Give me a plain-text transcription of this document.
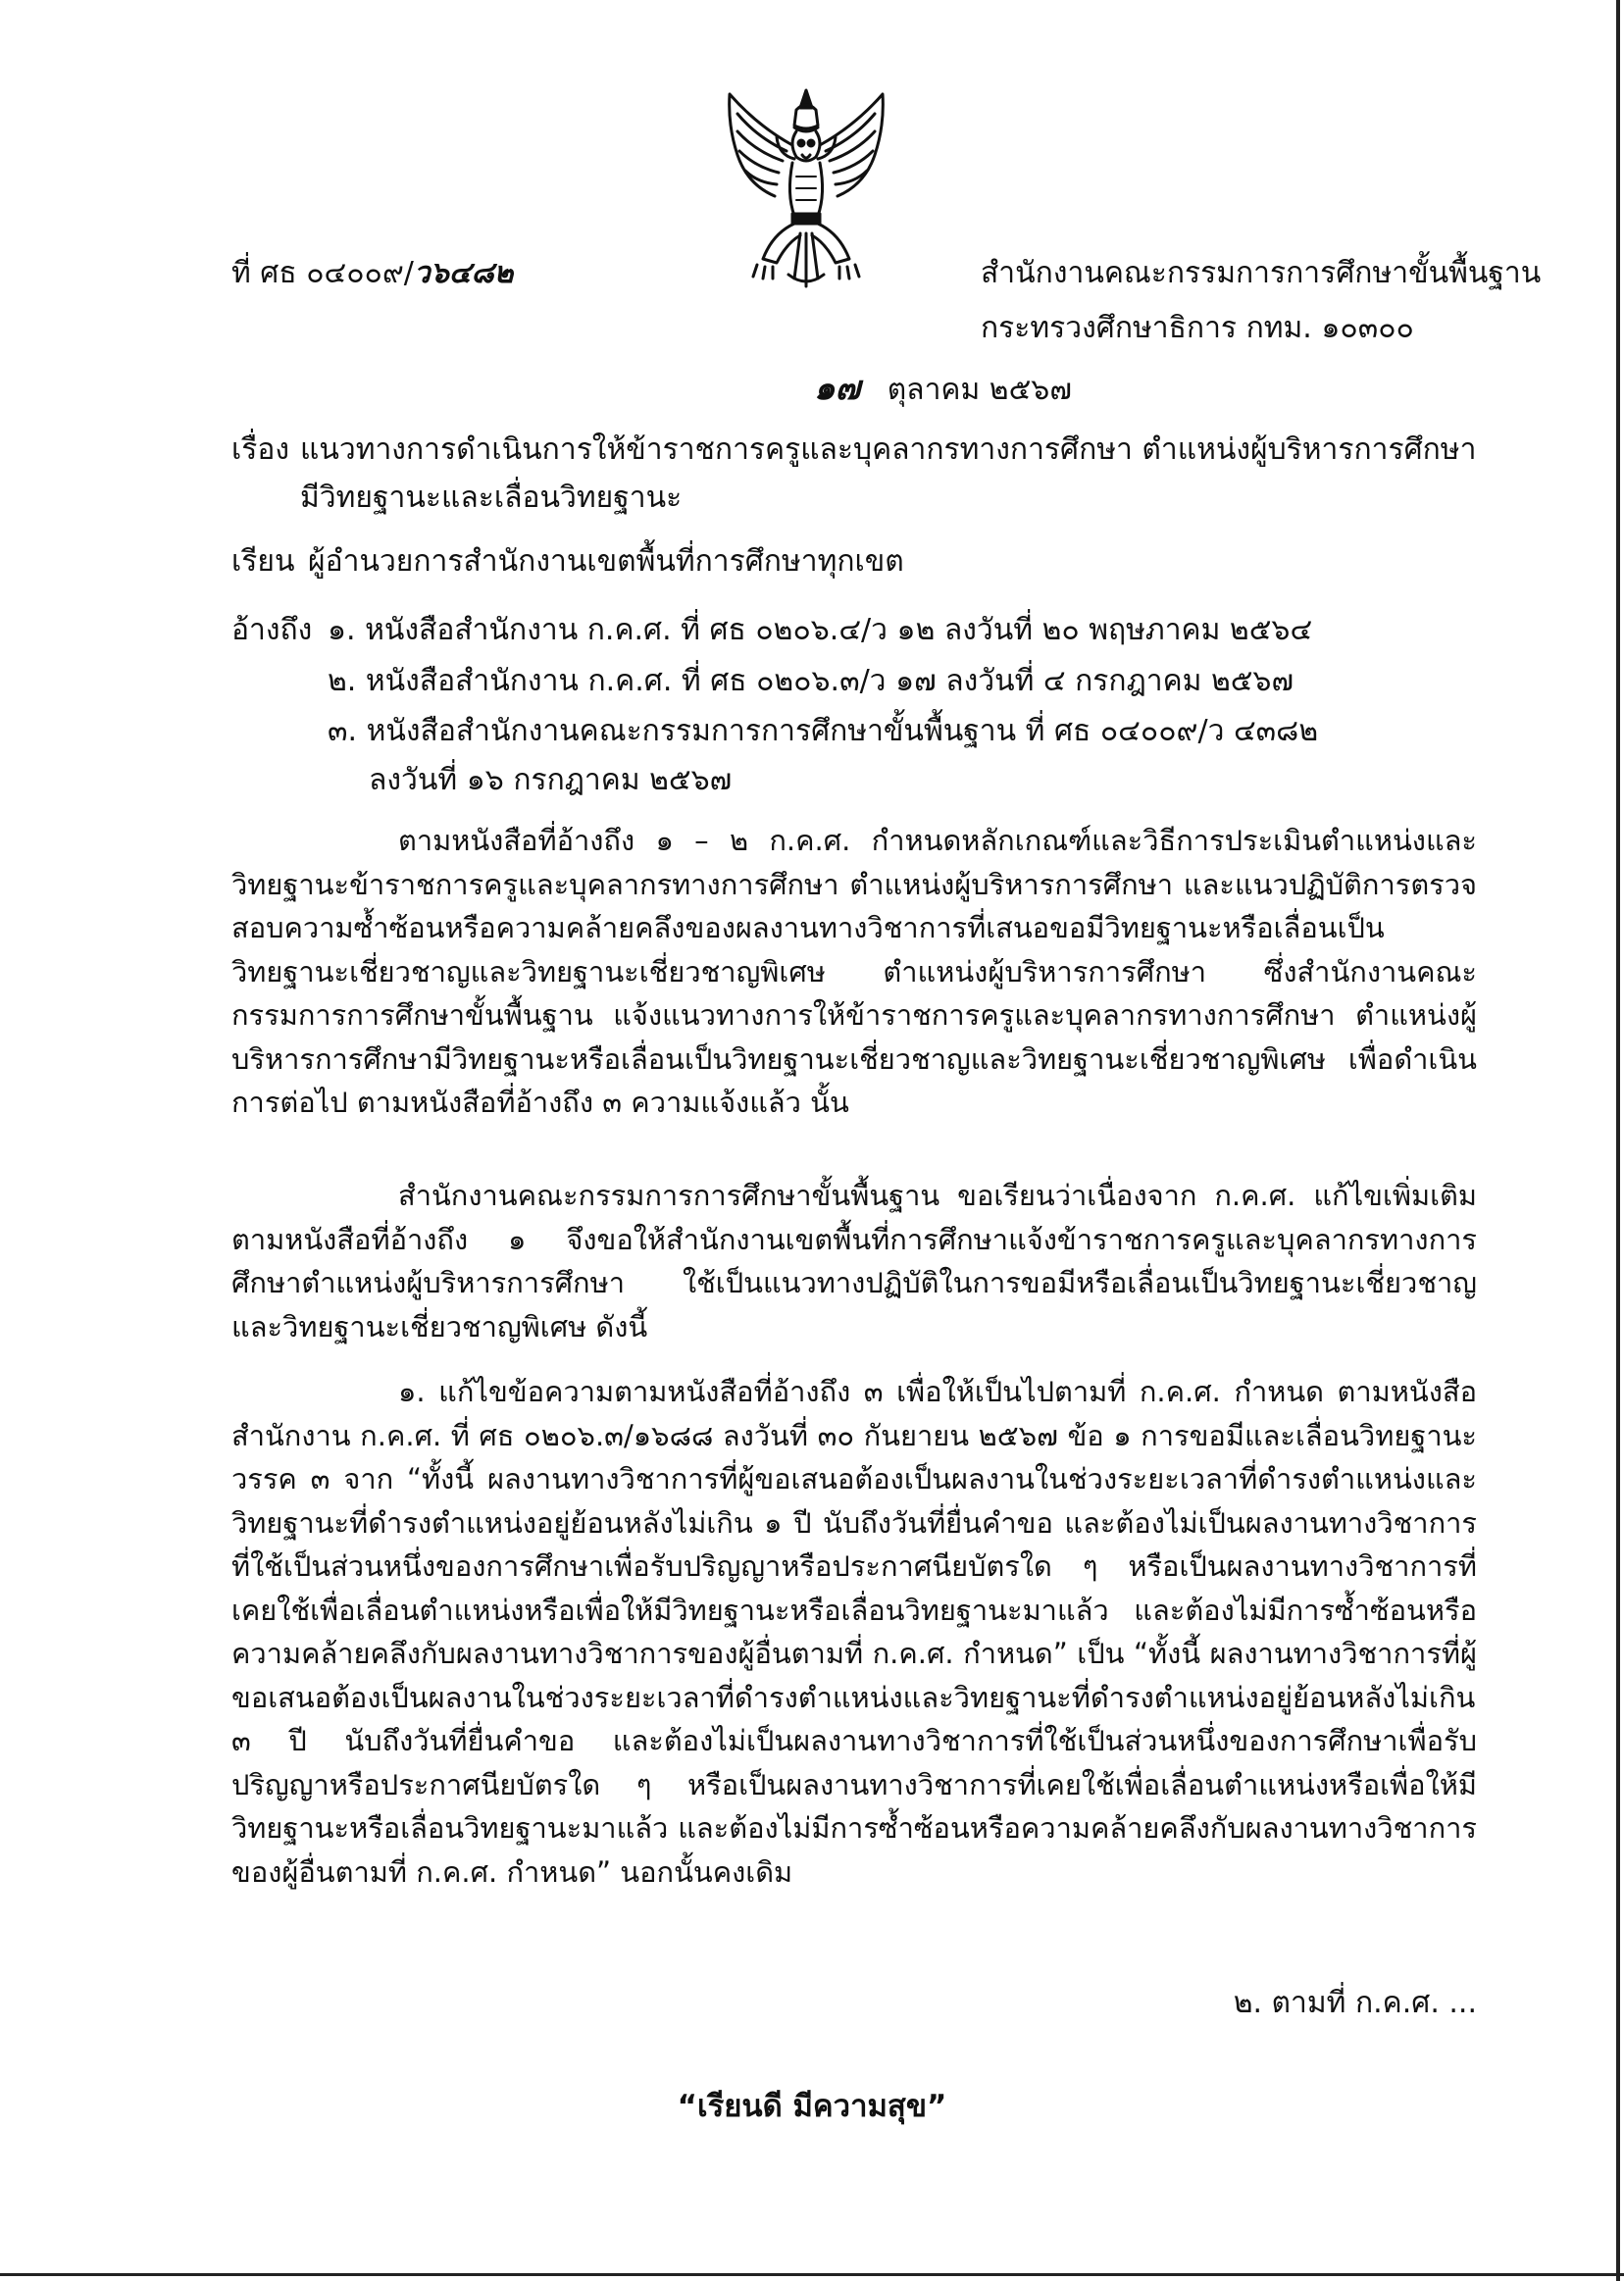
ที่ ศธ ๐๔๐๐๙/ว๖๔๘๒	สำนักงานคณะกรรมการการศึกษาขั้นพื้นฐาน
กระทรวงศึกษาธิการ กทม. ๑๐๓๐๐
๑๗ ตุลาคม ๒๕๖๗
เรื่อง แนวทางการดำเนินการให้ข้าราชการครูและบุคลากรทางการศึกษา ตำแหน่งผู้บริหารการศึกษา
มีวิทยฐานะและเลื่อนวิทยฐานะ
เรียน ผู้อำนวยการสำนักงานเขตพื้นที่การศึกษาทุกเขต
อ้างถึง ๑. หนังสือสำนักงาน ก.ค.ศ. ที่ ศธ ๐๒๐๖.๔/ว ๑๒ ลงวันที่ ๒๐ พฤษภาคม ๒๕๖๔
๒. หนังสือสำนักงาน ก.ค.ศ. ที่ ศธ ๐๒๐๖.๓/ว ๑๗ ลงวันที่ ๔ กรกฎาคม ๒๕๖๗
๓. หนังสือสำนักงานคณะกรรมการการศึกษาขั้นพื้นฐาน ที่ ศธ ๐๔๐๐๙/ว ๔๓๘๒
ลงวันที่ ๑๖ กรกฎาคม ๒๕๖๗

ตามหนังสือที่อ้างถึง ๑ – ๒ ก.ค.ศ. กำหนดหลักเกณฑ์และวิธีการประเมินตำแหน่งและวิทยฐานะข้าราชการครูและบุคลากรทางการศึกษา ตำแหน่งผู้บริหารการศึกษา และแนวปฏิบัติการตรวจสอบความซ้ำซ้อนหรือความคล้ายคลึงของผลงานทางวิชาการที่เสนอขอมีวิทยฐานะหรือเลื่อนเป็นวิทยฐานะเชี่ยวชาญและวิทยฐานะเชี่ยวชาญพิเศษ ตำแหน่งผู้บริหารการศึกษา ซึ่งสำนักงานคณะกรรมการการศึกษาขั้นพื้นฐาน แจ้งแนวทางการให้ข้าราชการครูและบุคลากรทางการศึกษา ตำแหน่งผู้บริหารการศึกษามีวิทยฐานะหรือเลื่อนเป็นวิทยฐานะเชี่ยวชาญและวิทยฐานะเชี่ยวชาญพิเศษ เพื่อดำเนินการต่อไป ตามหนังสือที่อ้างถึง ๓ ความแจ้งแล้ว นั้น

สำนักงานคณะกรรมการการศึกษาขั้นพื้นฐาน ขอเรียนว่าเนื่องจาก ก.ค.ศ. แก้ไขเพิ่มเติมตามหนังสือที่อ้างถึง ๑ จึงขอให้สำนักงานเขตพื้นที่การศึกษาแจ้งข้าราชการครูและบุคลากรทางการศึกษาตำแหน่งผู้บริหารการศึกษา ใช้เป็นแนวทางปฏิบัติในการขอมีหรือเลื่อนเป็นวิทยฐานะเชี่ยวชาญและวิทยฐานะเชี่ยวชาญพิเศษ ดังนี้

๑. แก้ไขข้อความตามหนังสือที่อ้างถึง ๓ เพื่อให้เป็นไปตามที่ ก.ค.ศ. กำหนด ตามหนังสือสำนักงาน ก.ค.ศ. ที่ ศธ ๐๒๐๖.๓/๑๖๘๘ ลงวันที่ ๓๐ กันยายน ๒๕๖๗ ข้อ ๑ การขอมีและเลื่อนวิทยฐานะวรรค ๓ จาก “ทั้งนี้ ผลงานทางวิชาการที่ผู้ขอเสนอต้องเป็นผลงานในช่วงระยะเวลาที่ดำรงตำแหน่งและวิทยฐานะที่ดำรงตำแหน่งอยู่ย้อนหลังไม่เกิน ๑ ปี นับถึงวันที่ยื่นคำขอ และต้องไม่เป็นผลงานทางวิชาการที่ใช้เป็นส่วนหนึ่งของการศึกษาเพื่อรับปริญญาหรือประกาศนียบัตรใด ๆ หรือเป็นผลงานทางวิชาการที่เคยใช้เพื่อเลื่อนตำแหน่งหรือเพื่อให้มีวิทยฐานะหรือเลื่อนวิทยฐานะมาแล้ว และต้องไม่มีการซ้ำซ้อนหรือความคล้ายคลึงกับผลงานทางวิชาการของผู้อื่นตามที่ ก.ค.ศ. กำหนด” เป็น “ทั้งนี้ ผลงานทางวิชาการที่ผู้ขอเสนอต้องเป็นผลงานในช่วงระยะเวลาที่ดำรงตำแหน่งและวิทยฐานะที่ดำรงตำแหน่งอยู่ย้อนหลังไม่เกิน ๓ ปี นับถึงวันที่ยื่นคำขอ และต้องไม่เป็นผลงานทางวิชาการที่ใช้เป็นส่วนหนึ่งของการศึกษาเพื่อรับปริญญาหรือประกาศนียบัตรใด ๆ หรือเป็นผลงานทางวิชาการที่เคยใช้เพื่อเลื่อนตำแหน่งหรือเพื่อให้มีวิทยฐานะหรือเลื่อนวิทยฐานะมาแล้ว และต้องไม่มีการซ้ำซ้อนหรือความคล้ายคลึงกับผลงานทางวิชาการของผู้อื่นตามที่ ก.ค.ศ. กำหนด” นอกนั้นคงเดิม

๒. ตามที่ ก.ค.ศ. ...
“เรียนดี มีความสุข”
